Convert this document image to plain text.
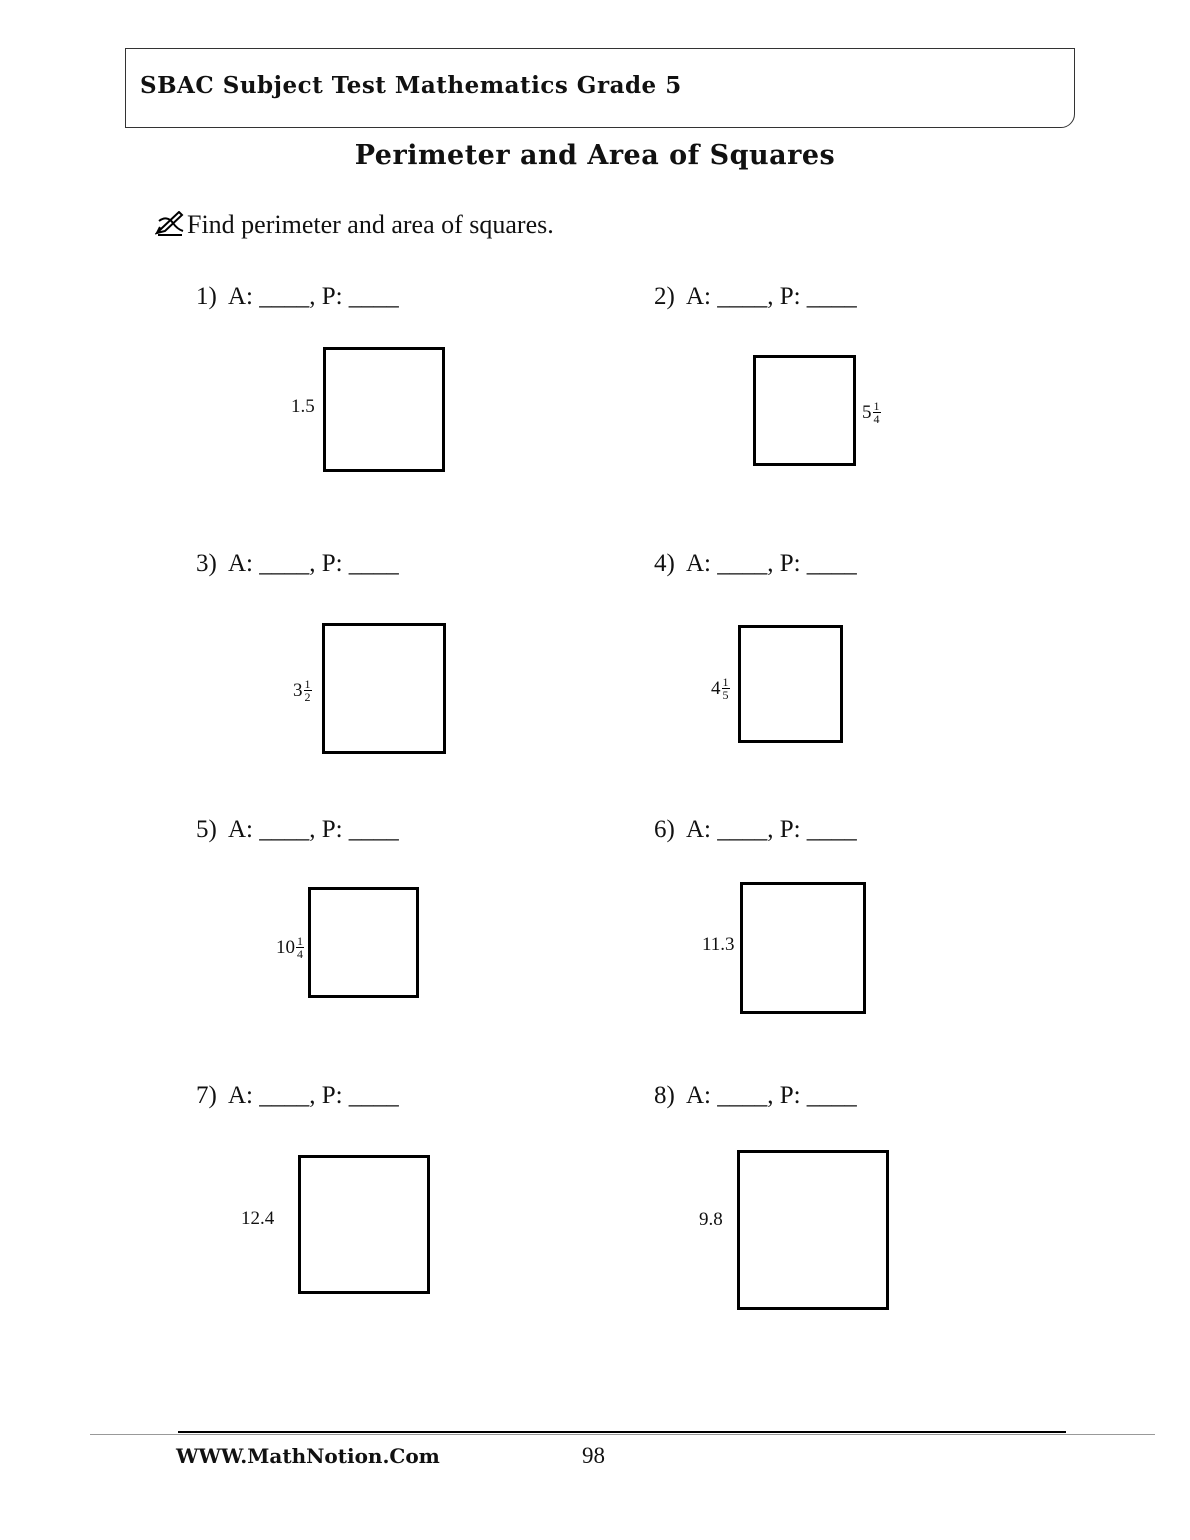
SBAC Subject Test Mathematics Grade 5
Perimeter and Area of Squares
Find perimeter and area of squares.
1)  A: ____, P: ____
1.5
2)  A: ____, P: ____
$5 \frac{1}{4}$
3)  A: ____, P: ____
$3 \frac{1}{2}$
4)  A: ____, P: ____
$4 \frac{1}{5}$
5)  A: ____, P: ____
$10 \frac{1}{4}$
6)  A: ____, P: ____
11.3
7)  A: ____, P: ____
12.4
8)  A: ____, P: ____
9.8
WWW.MathNotion.Com	98
